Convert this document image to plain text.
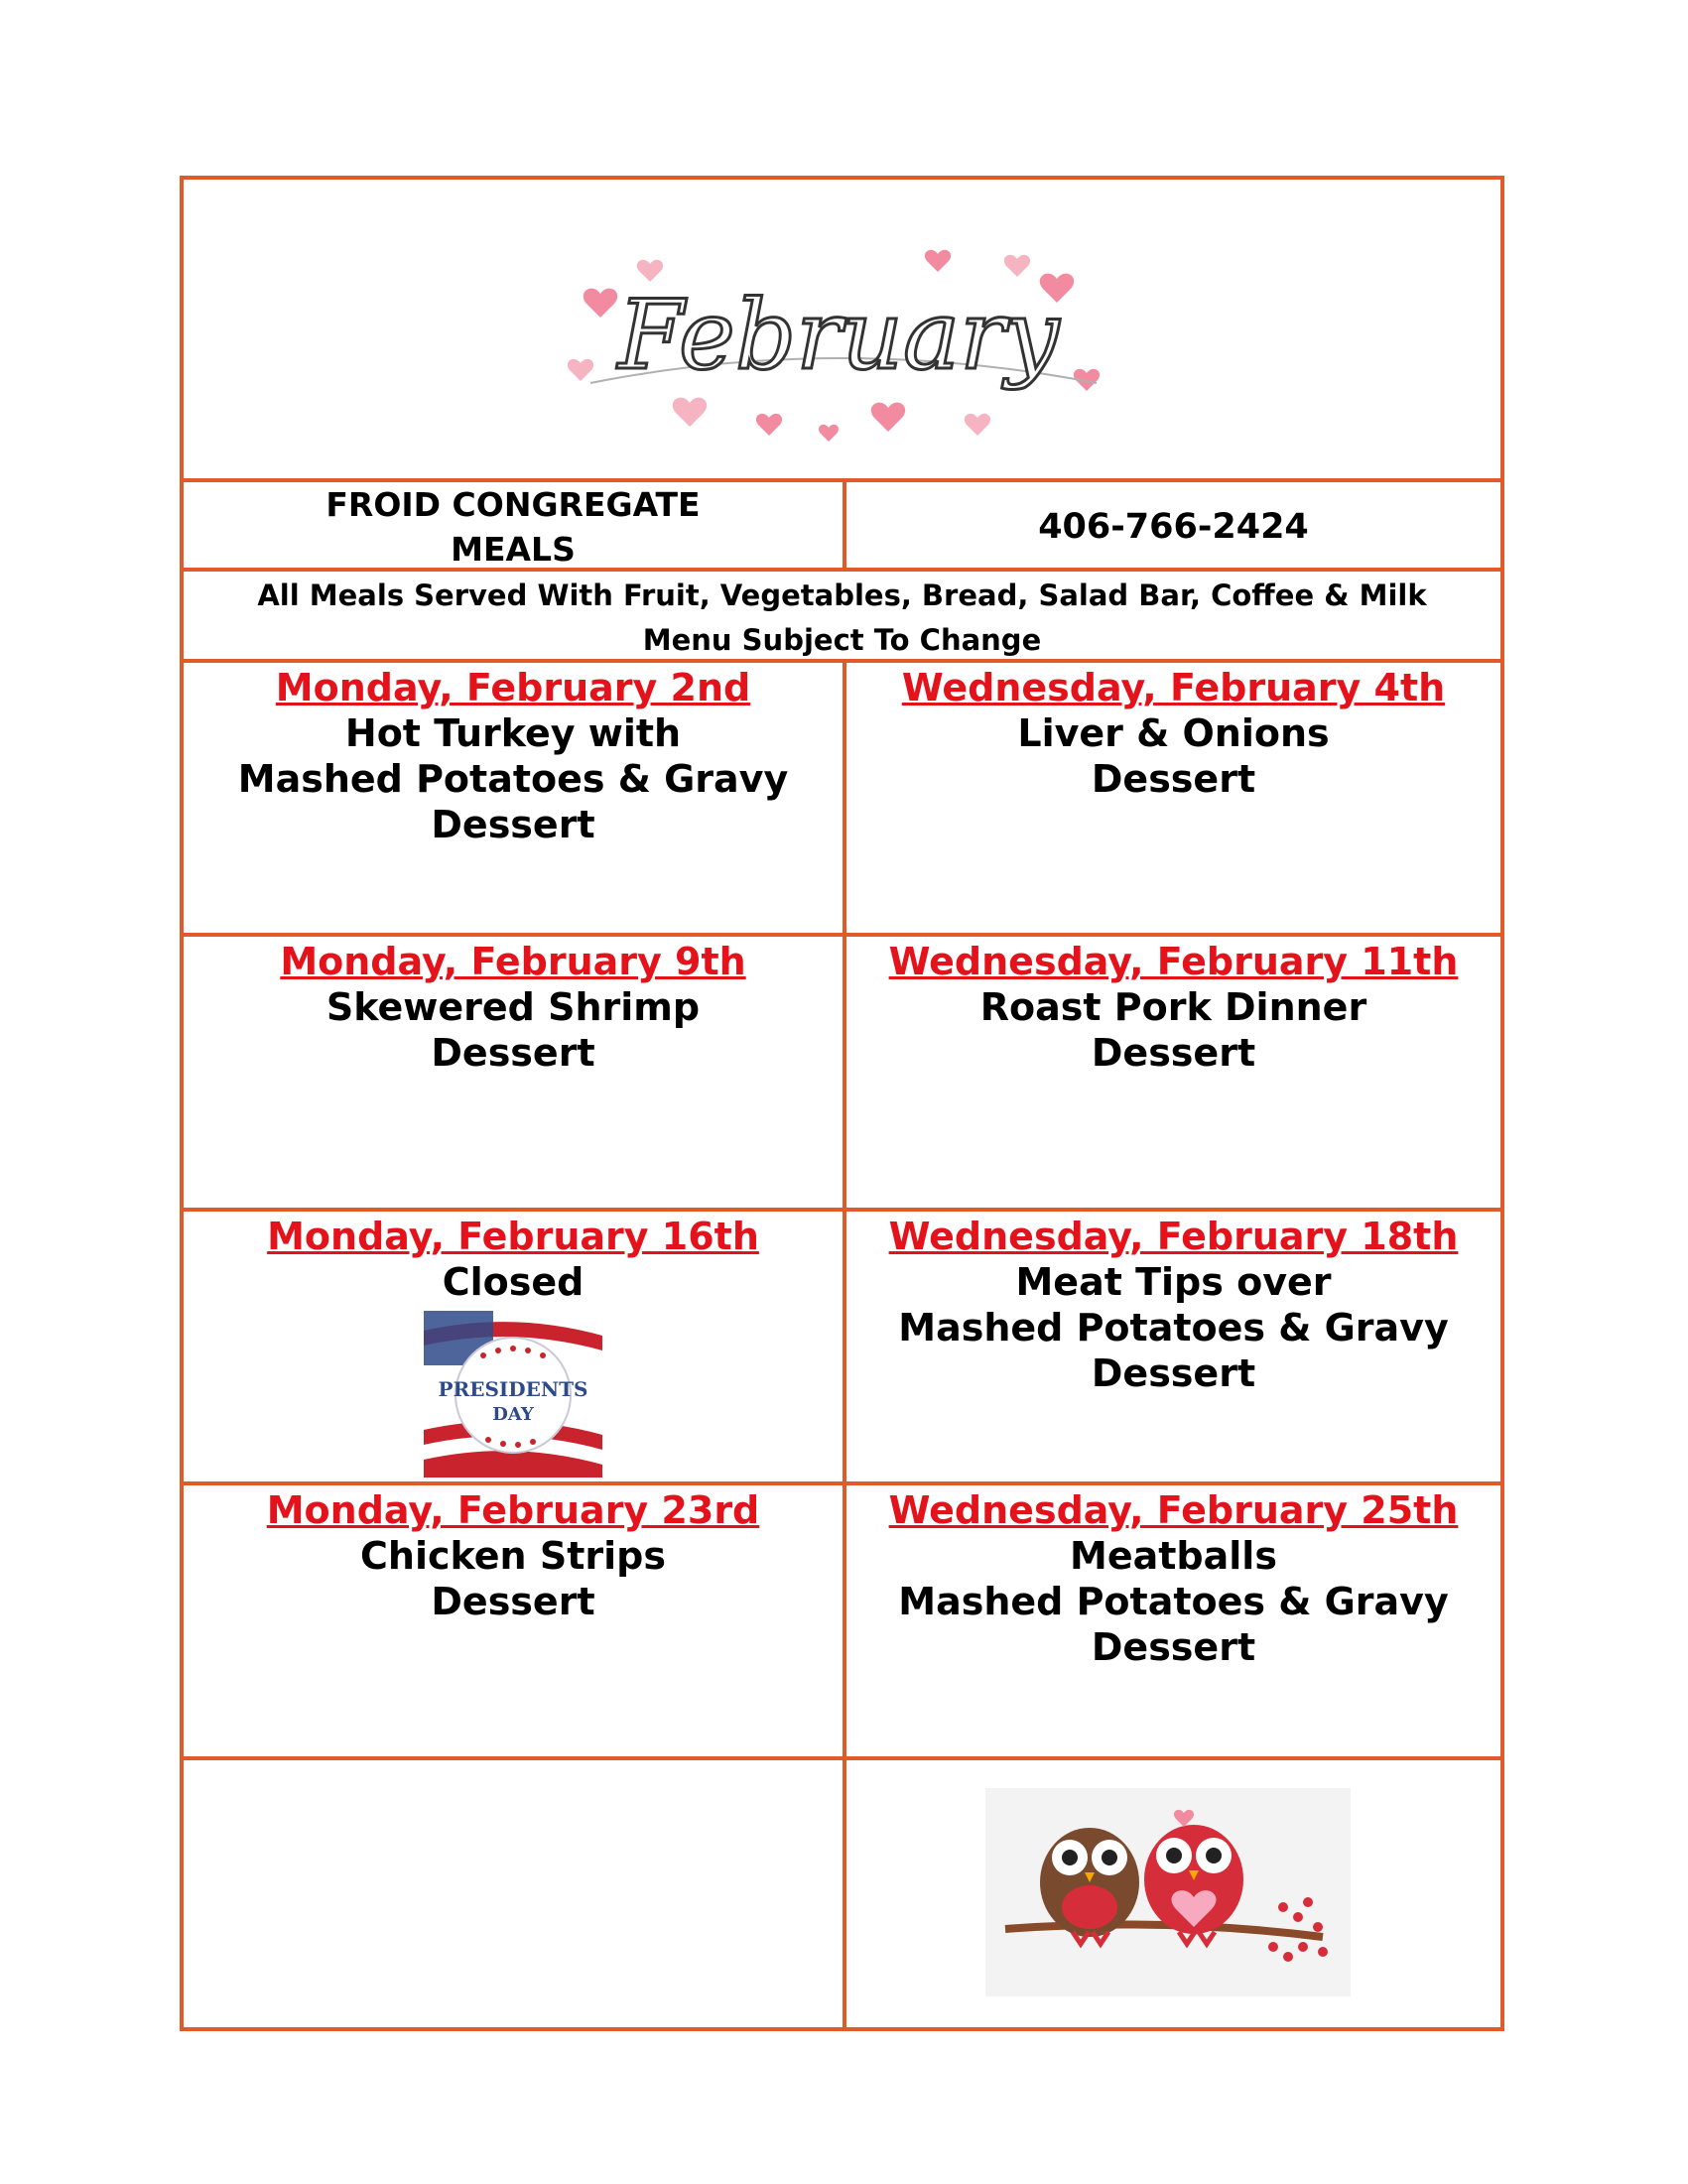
February
FROID CONGREGATE
MEALS
406-766-2424
All Meals Served With Fruit, Vegetables, Bread, Salad Bar, Coffee & Milk
Menu Subject To Change
Monday, February 2nd
Hot Turkey with
Mashed Potatoes & Gravy
Dessert
Wednesday, February 4th
Liver & Onions
Dessert
Monday, February 9th
Skewered Shrimp
Dessert
Wednesday, February 11th
Roast Pork Dinner
Dessert
Monday, February 16th
Closed
PRESIDENTS
DAY
Wednesday, February 18th
Meat Tips over
Mashed Potatoes & Gravy
Dessert
Monday, February 23rd
Chicken Strips
Dessert
Wednesday, February 25th
Meatballs
Mashed Potatoes & Gravy
Dessert
